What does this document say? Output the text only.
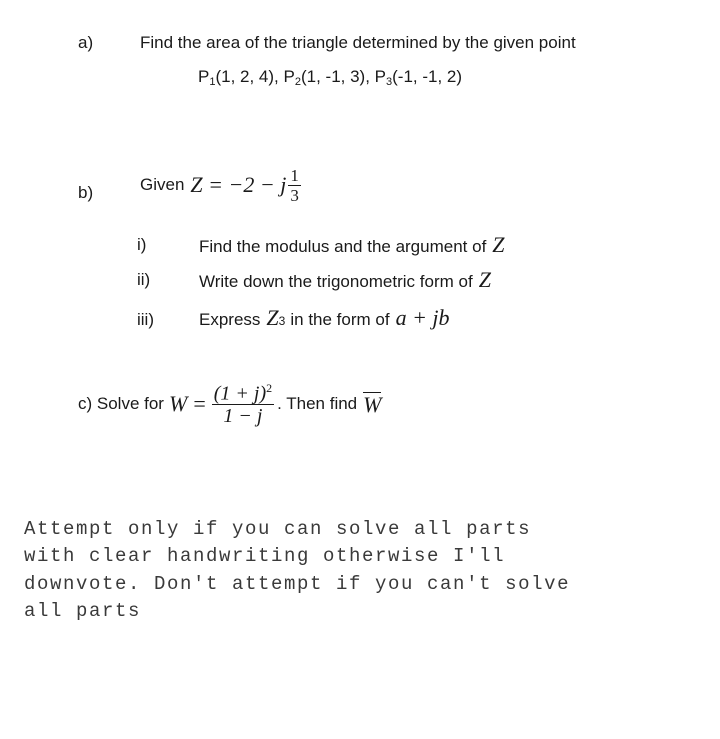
a)	Find the area of the triangle determined by the given point
P1(1, 2, 4), P2(1, -1, 3), P3(-1, -1, 2)
b)	Given Z = −2 − j $\frac{1}{3}$
i)	Find the modulus and the argument of Z
ii)	Write down the trigonometric form of Z
iii)	Express Z 3 in the form of a + jb
c) Solve for $W = \frac{(1 + j)^2}{1 - j}$ . Then find W
Attempt only if you can solve all parts
with clear handwriting otherwise I'll
downvote. Don't attempt if you can't solve
all parts
